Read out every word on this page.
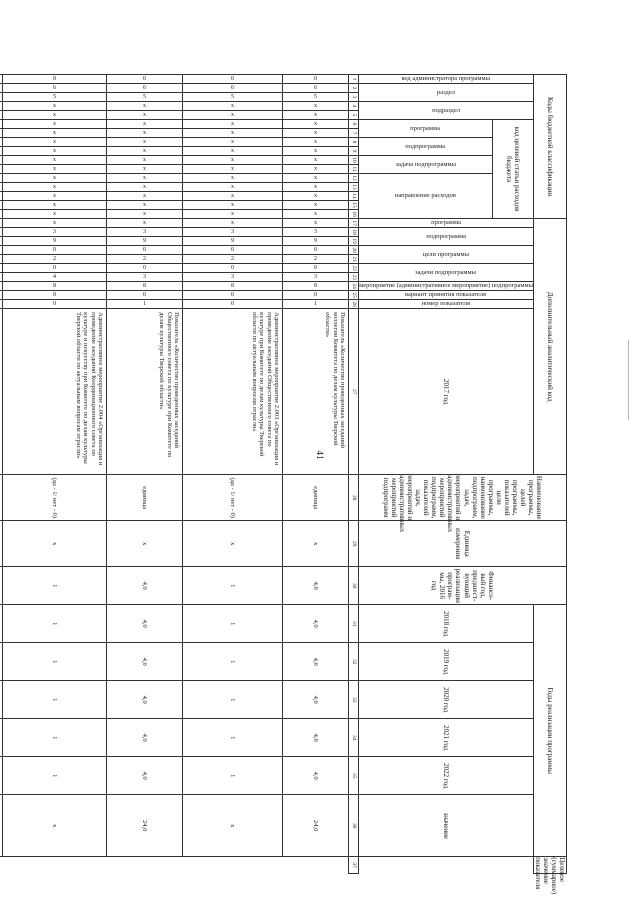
41
Коды бюджетной классификации																Дополнительный аналитический код											Наименование программы, целей программы, показателей цели программы, наименование подпрограмм, задач, мероприятий и административных мероприятий подпрограмм, показателей задач, мероприятий и административных мероприятий подпрограмм	Единица измерения	Финансо-вый год, предшест-вующий реализации програм-мы, 2016 год	Годы реализации программы						Целевое (суммарное) значение показателя

код администратора программы	раздел		подраздел		код целевой статьи расходов бюджета											программа	подпрограмма		цели программы		задачи подпрограммы		мероприятие (административное мероприятие) подпрограммы	вариант принятия показателя	номер показателя	2017 год				2018 год	2019 год	2020 год	2021 год	2022 год	значение	

					программа		подпрограмма		задача подпрограммы		направление расходов																									

1	2	3	4	5	6	7	8	9	10	11	12	13	14	15	16	17	18	19	20	21	22	23	24	25	26	27	28	29	30	31	32	33	34	35	36	37

0	6	5	х	х	х	х	х	х	х	х	х	х	х	х	х	х	3	9	0	2	0	3	8	0	1	Показатель «Количество проведенных заседаний коллегии Комитета по делам культуры Тверской области»	единица	х	4,0	4,0	4,0	4,0	4,0	4,0	24,0	

0	6	5	х	х	х	х	х	х	х	х	х	х	х	х	х	х	3	9	0	2	0	3	8	0	0	Административное мероприятие 2.003 «Организация и проведение заседаний Общественного совета по культуре при Комитете по делам культуры Тверской области по актуальным вопросам отрасли»	(да - 1/ нет - 0)	х	1	1	1	1	1	1	х	

0	6	5	х	х	х	х	х	х	х	х	х	х	х	х	х	х	3	9	0	2	0	3	8	0	1	Показатель «Количество проведенных заседаний Общественного совета по культуре при Комитете по делам культуры Тверской области»	единица	х	4,0	4,0	4,0	4,0	4,0	4,0	24,0	

0	6	5	х	х	х	х	х	х	х	х	х	х	х	х	х	х	3	9	0	2	0	4	8	0	0	Административное мероприятие 2.004 «Организация и проведение заседаний Координационного совета по культуре и искусству при Комитете по делам культуры Тверской области по актуальным вопросам отрасли»	(да - 1/ нет - 0)	х	1	1	1	1	1	1	х	
